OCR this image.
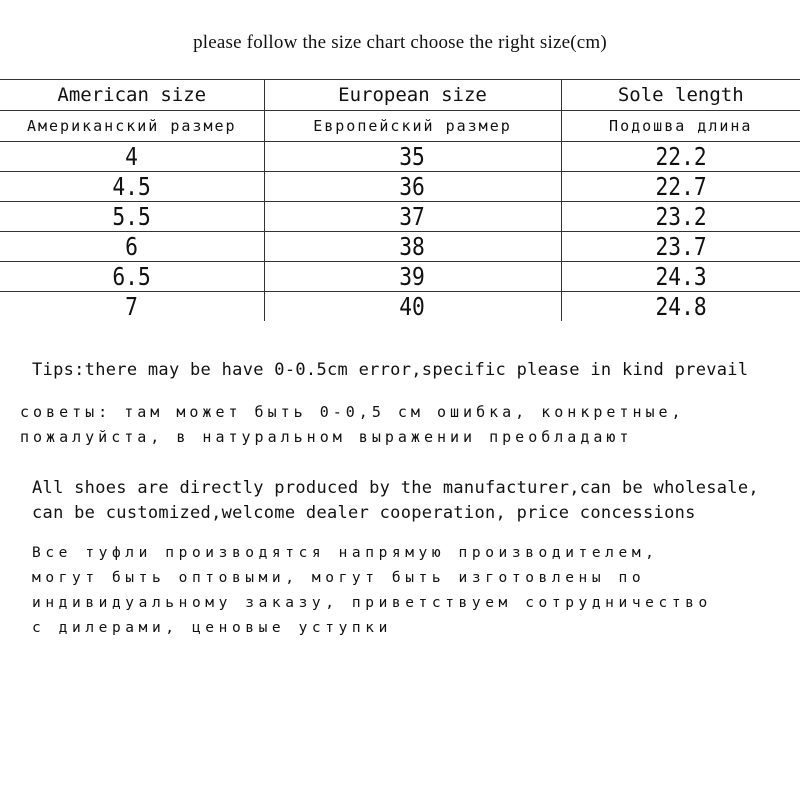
please follow the size chart choose the right size(cm)
American size	European size	Sole length
Американский размер	Европейский размер	Подошва длина
4	35	22.2
4.5	36	22.7
5.5	37	23.2
6	38	23.7
6.5	39	24.3
7	40	24.8
Tips:there may be have 0-0.5cm error,specific please in kind prevail
советы: там может быть 0-0,5 см ошибка, конкретные,
пожалуйста, в натуральном выражении преобладают
All shoes are directly produced by the manufacturer,can be wholesale,
can be customized,welcome dealer cooperation, price concessions
Все туфли производятся напрямую производителем,
могут быть оптовыми, могут быть изготовлены по
индивидуальному заказу, приветствуем сотрудничество
с дилерами, ценовые уступки
